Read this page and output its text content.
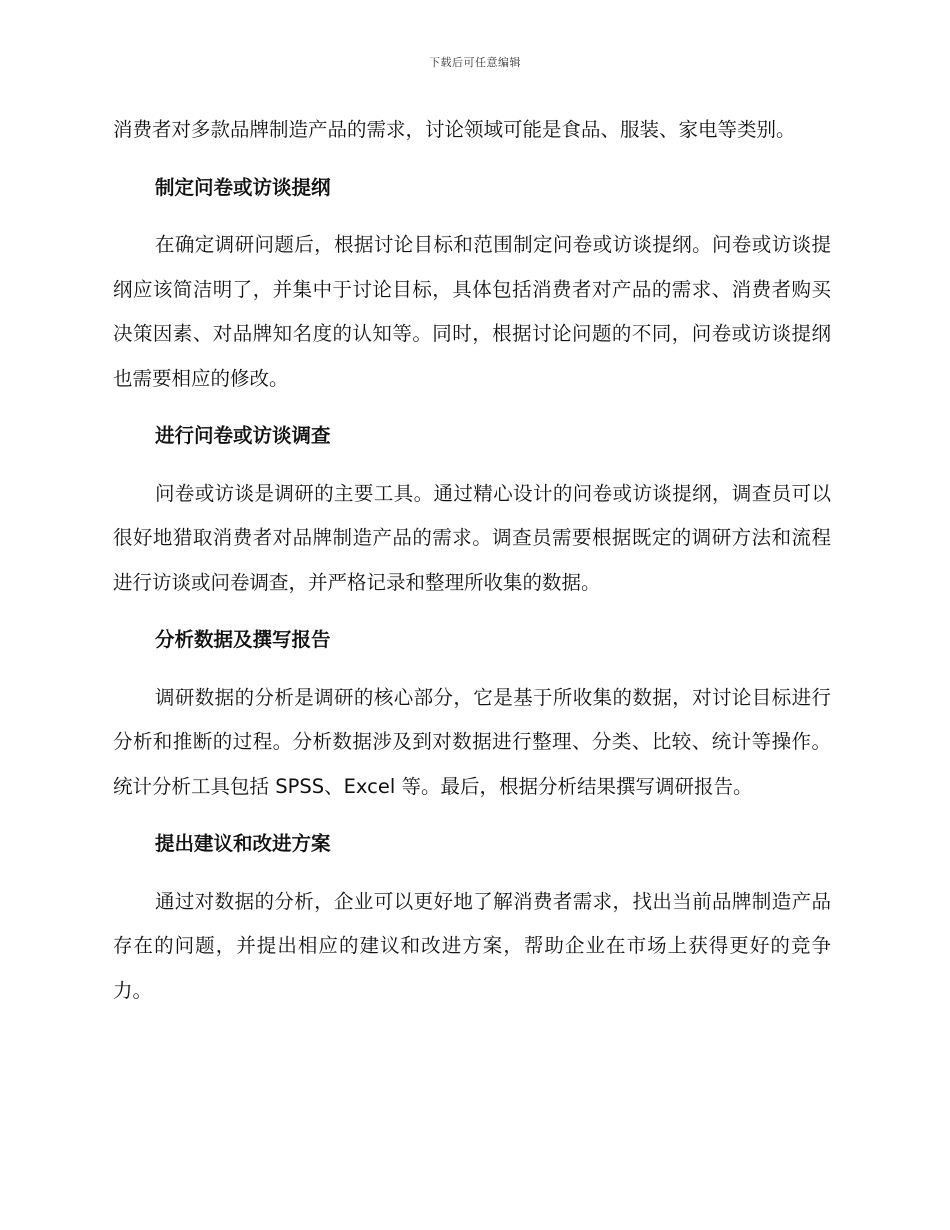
下载后可任意编辑

消费者对多款品牌制造产品的需求，讨论领域可能是食品、服装、家电等类别。

制定问卷或访谈提纲

在确定调研问题后，根据讨论目标和范围制定问卷或访谈提纲。问卷或访谈提纲应该简洁明了，并集中于讨论目标，具体包括消费者对产品的需求、消费者购买决策因素、对品牌知名度的认知等。同时，根据讨论问题的不同，问卷或访谈提纲也需要相应的修改。

进行问卷或访谈调查

问卷或访谈是调研的主要工具。通过精心设计的问卷或访谈提纲，调查员可以很好地猎取消费者对品牌制造产品的需求。调查员需要根据既定的调研方法和流程进行访谈或问卷调查，并严格记录和整理所收集的数据。

分析数据及撰写报告

调研数据的分析是调研的核心部分，它是基于所收集的数据，对讨论目标进行分析和推断的过程。分析数据涉及到对数据进行整理、分类、比较、统计等操作。统计分析工具包括 SPSS、Excel 等。最后，根据分析结果撰写调研报告。

提出建议和改进方案

通过对数据的分析，企业可以更好地了解消费者需求，找出当前品牌制造产品存在的问题，并提出相应的建议和改进方案，帮助企业在市场上获得更好的竞争力。
